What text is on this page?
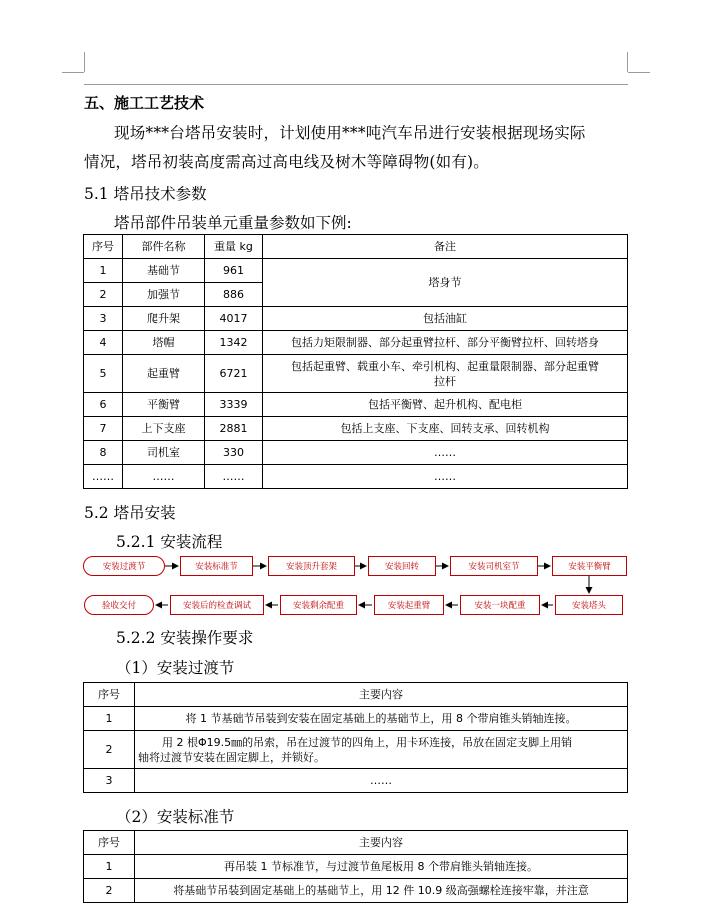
五、施工工艺技术
现场***台塔吊安装时，计划使用***吨汽车吊进行安装根据现场实际
情况，塔吊初装高度需高过高电线及树木等障碍物(如有)。
5.1 塔吊技术参数
塔吊部件吊装单元重量参数如下例:
序号	部件名称	重量 kg	备注
1	基础节	961	塔身节
2	加强节	886	
3	爬升架	4017	包括油缸
4	塔帽	1342	包括力矩限制器、部分起重臂拉杆、部分平衡臂拉杆、回转塔身
5	起重臂	6721	包括起重臂、载重小车、牵引机构、起重量限制器、部分起重臂
拉杆

6	平衡臂	3339	包括平衡臂、起升机构、配电柜
7	上下支座	2881	包括上支座、下支座、回转支承、回转机构
8	司机室	330	……
……	……	……	……
5.2 塔吊安装
5.2.1 安装流程
安装过渡节	安装标准节	安装顶升套架	安装回转	安装司机室节	安装平衡臂
验收交付	安装后的检查调试	安装剩余配重	安装起重臂	安装一块配重	安装塔头
5.2.2 安装操作要求
（1）安装过渡节
序号	主要内容
1	将 1 节基础节吊装到安装在固定基础上的基础节上，用 8 个带肩锥头销轴连接。
2	用 2 根Φ19.5㎜的吊索，吊在过渡节的四角上，用卡环连接，吊放在固定支脚上用销
轴将过渡节安装在固定脚上，并锁好。

3	……
（2）安装标准节
序号	主要内容
1	再吊装 1 节标准节，与过渡节鱼尾板用 8 个带肩锥头销轴连接。
2	将基础节吊装到固定基础上的基础节上，用 12 件 10.9 级高强螺栓连接牢靠，并注意
